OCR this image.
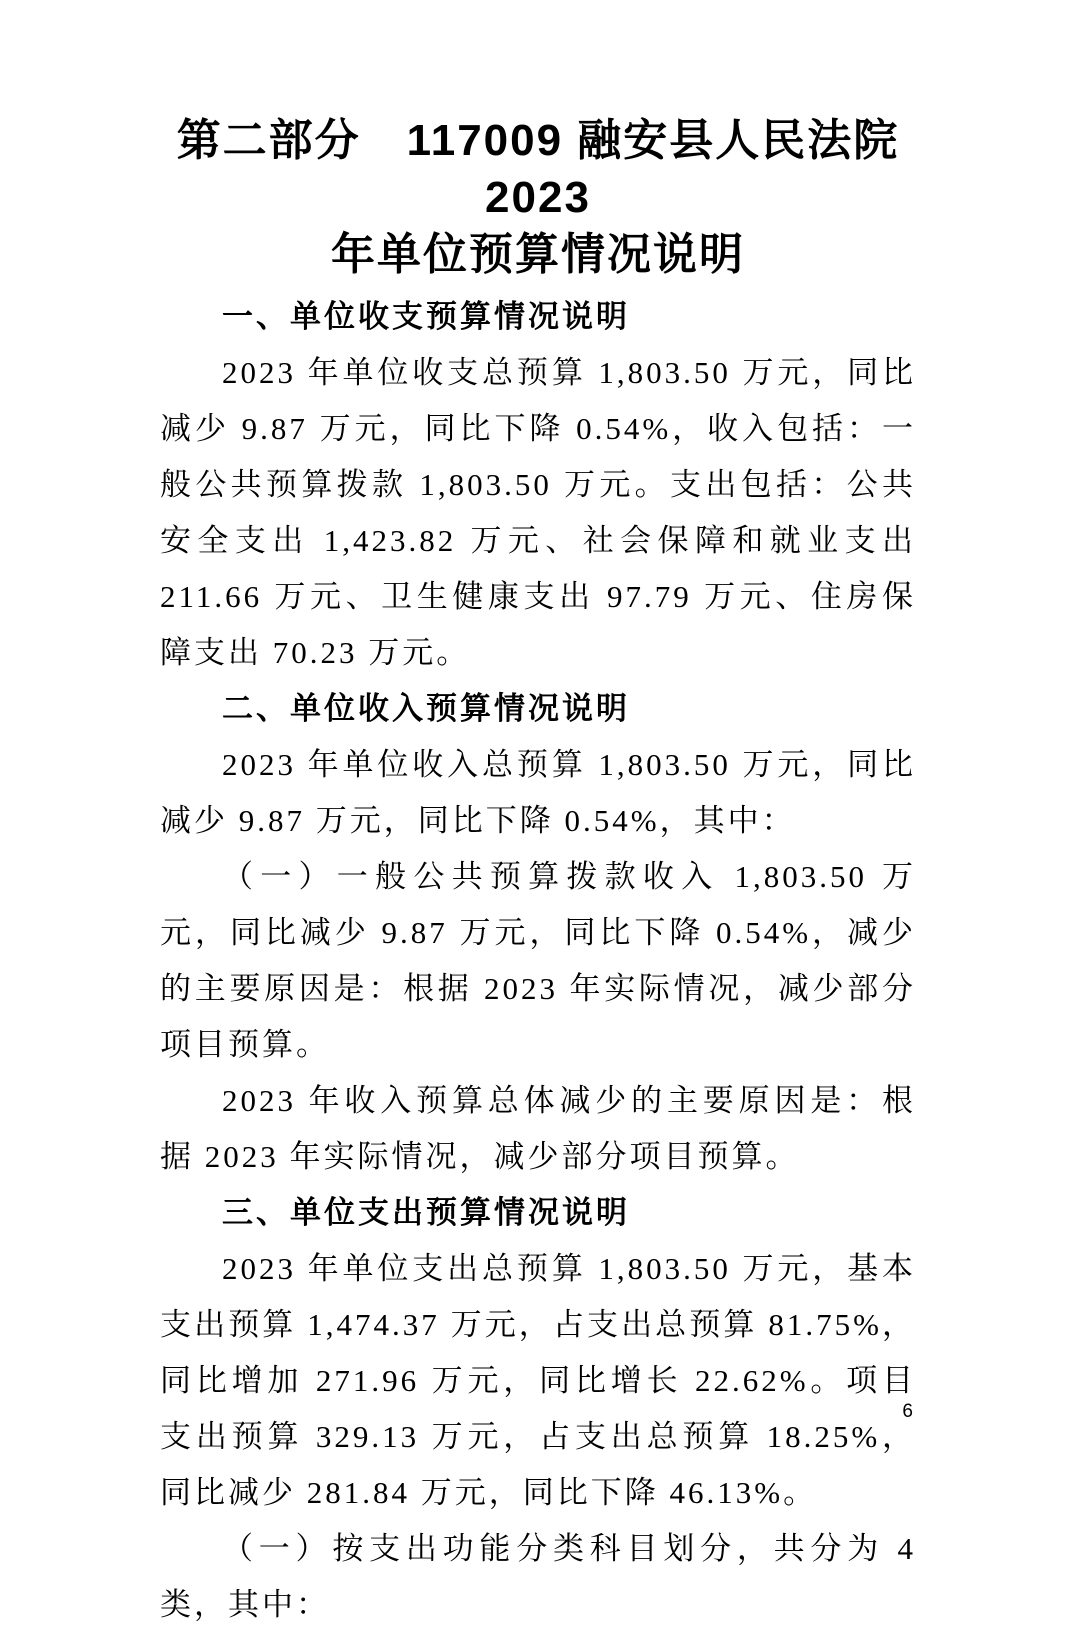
第二部分　117009 融安县人民法院 2023
年单位预算情况说明
一、单位收支预算情况说明

2023 年单位收支总预算 1,803.50 万元，同比减少 9.87 万元，同比下降 0.54%，收入包括：一般公共预算拨款 1,803.50 万元。支出包括：公共安全支出 1,423.82 万元、社会保障和就业支出 211.66 万元、卫生健康支出 97.79 万元、住房保障支出 70.23 万元。

二、单位收入预算情况说明

2023 年单位收入总预算 1,803.50 万元，同比减少 9.87 万元，同比下降 0.54%，其中：

（一）一般公共预算拨款收入 1,803.50 万元，同比减少 9.87 万元，同比下降 0.54%，减少的主要原因是：根据 2023 年实际情况，减少部分项目预算。

2023 年收入预算总体减少的主要原因是：根据 2023 年实际情况，减少部分项目预算。

三、单位支出预算情况说明

2023 年单位支出总预算 1,803.50 万元，基本支出预算 1,474.37 万元，占支出总预算 81.75%，同比增加 271.96 万元，同比增长 22.62%。项目支出预算 329.13 万元，占支出总预算 18.25%，同比减少 281.84 万元，同比下降 46.13%。

（一）按支出功能分类科目划分，共分为 4 类，其中：

6
